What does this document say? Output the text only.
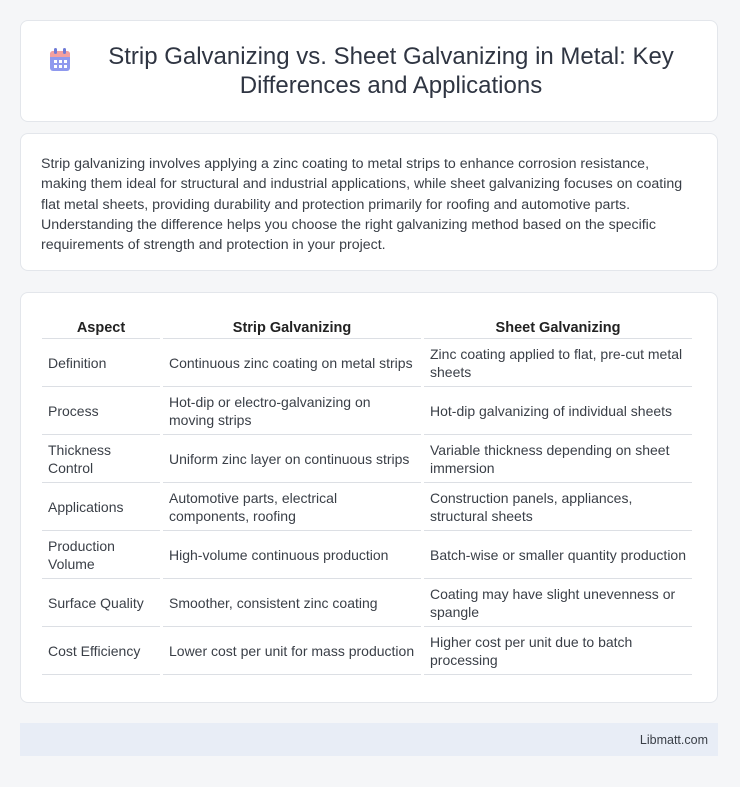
Strip Galvanizing vs. Sheet Galvanizing in Metal: Key Differences and Applications

Strip galvanizing involves applying a zinc coating to metal strips to enhance corrosion resistance, making them ideal for structural and industrial applications, while sheet galvanizing focuses on coating flat metal sheets, providing durability and protection primarily for roofing and automotive parts. Understanding the difference helps you choose the right galvanizing method based on the specific requirements of strength and protection in your project.

Aspect	Strip Galvanizing	Sheet Galvanizing
Definition	Continuous zinc coating on metal strips	Zinc coating applied to flat, pre-cut metal sheets
Process	Hot-dip or electro-galvanizing on moving strips	Hot-dip galvanizing of individual sheets
Thickness Control	Uniform zinc layer on continuous strips	Variable thickness depending on sheet immersion
Applications	Automotive parts, electrical components, roofing	Construction panels, appliances, structural sheets
Production Volume	High-volume continuous production	Batch-wise or smaller quantity production
Surface Quality	Smoother, consistent zinc coating	Coating may have slight unevenness or spangle
Cost Efficiency	Lower cost per unit for mass production	Higher cost per unit due to batch processing
Libmatt.com
